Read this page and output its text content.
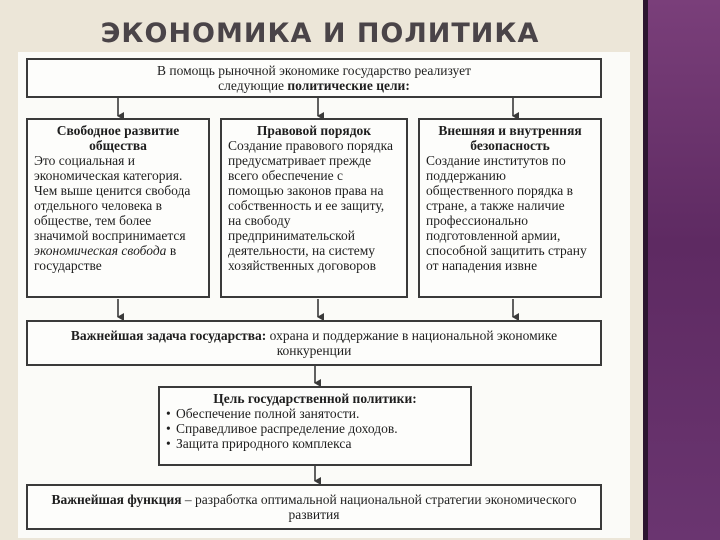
ЭКОНОМИКА И ПОЛИТИКА
В помощь рыночной экономике государство реализует
следующие политические цели:
Свободное развитие общества
Это социальная и экономическая категория. Чем выше ценится свобода отдельного человека в обществе, тем более значимой воспринимается экономическая свобода в государстве
Правовой порядок
Создание правового порядка предусматривает прежде всего обеспечение с помощью законов права на собственность и ее защиту, на свободу предпринимательской деятельности, на систему хозяйственных договоров
Внешняя и внутренняя безопасность
Создание институтов по поддержанию общественного порядка в стране, а также наличие профессионально подготовленной армии, способной защитить страну от нападения извне
Важнейшая задача государства: охрана и поддержание в национальной экономике конкуренции
Цель государственной политики:
• Обеспечение полной занятости.
• Справедливое распределение доходов.
• Защита природного комплекса
Важнейшая функция – разработка оптимальной национальной стратегии экономического развития
